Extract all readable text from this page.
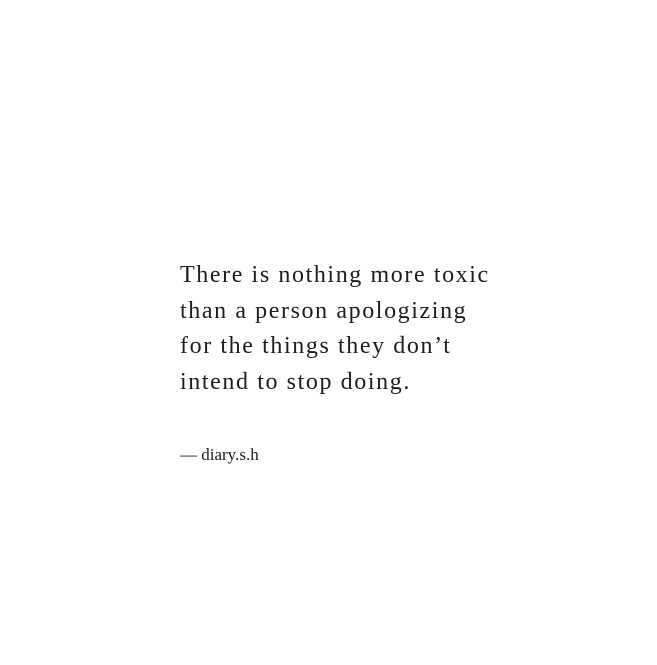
There is nothing more toxic
than a person apologizing
for the things they don’t
intend to stop doing.
— diary.s.h
